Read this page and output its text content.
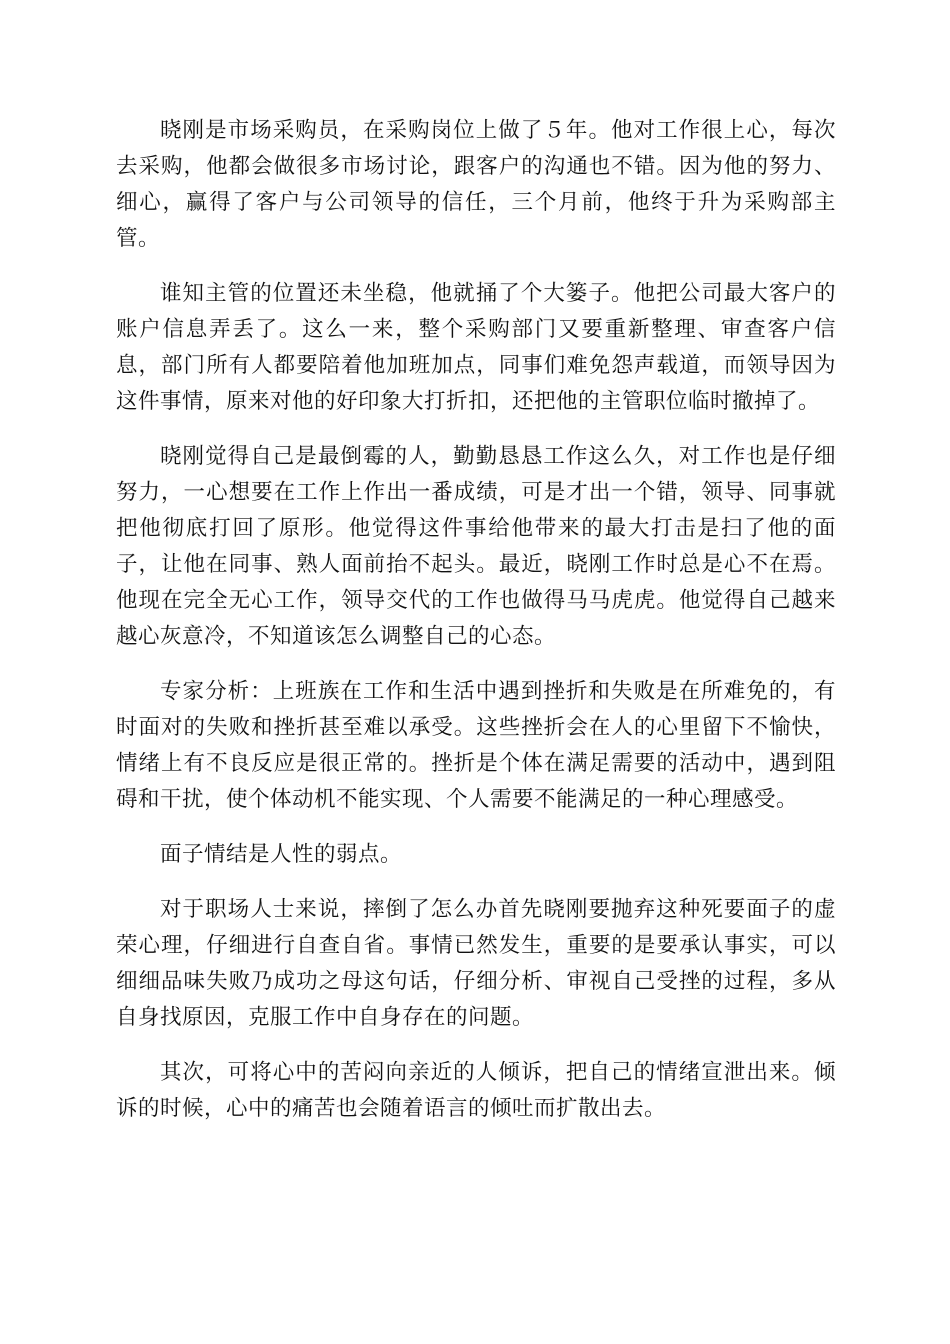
晓刚是市场采购员，在采购岗位上做了５年。他对工作很上心，每次去采购，他都会做很多市场讨论，跟客户的沟通也不错。因为他的努力、细心，赢得了客户与公司领导的信任，三个月前，他终于升为采购部主管。

谁知主管的位置还未坐稳，他就捅了个大篓子。他把公司最大客户的账户信息弄丢了。这么一来，整个采购部门又要重新整理、审查客户信息，部门所有人都要陪着他加班加点，同事们难免怨声载道，而领导因为这件事情，原来对他的好印象大打折扣，还把他的主管职位临时撤掉了。

晓刚觉得自己是最倒霉的人，勤勤恳恳工作这么久，对工作也是仔细努力，一心想要在工作上作出一番成绩，可是才出一个错，领导、同事就把他彻底打回了原形。他觉得这件事给他带来的最大打击是扫了他的面子，让他在同事、熟人面前抬不起头。最近，晓刚工作时总是心不在焉。他现在完全无心工作，领导交代的工作也做得马马虎虎。他觉得自己越来越心灰意冷，不知道该怎么调整自己的心态。

专家分析：上班族在工作和生活中遇到挫折和失败是在所难免的，有时面对的失败和挫折甚至难以承受。这些挫折会在人的心里留下不愉快，情绪上有不良反应是很正常的。挫折是个体在满足需要的活动中，遇到阻碍和干扰，使个体动机不能实现、个人需要不能满足的一种心理感受。

面子情结是人性的弱点。

对于职场人士来说，摔倒了怎么办首先晓刚要抛弃这种死要面子的虚荣心理，仔细进行自查自省。事情已然发生，重要的是要承认事实，可以细细品味失败乃成功之母这句话，仔细分析、审视自己受挫的过程，多从自身找原因，克服工作中自身存在的问题。

其次，可将心中的苦闷向亲近的人倾诉，把自己的情绪宣泄出来。倾诉的时候，心中的痛苦也会随着语言的倾吐而扩散出去。
